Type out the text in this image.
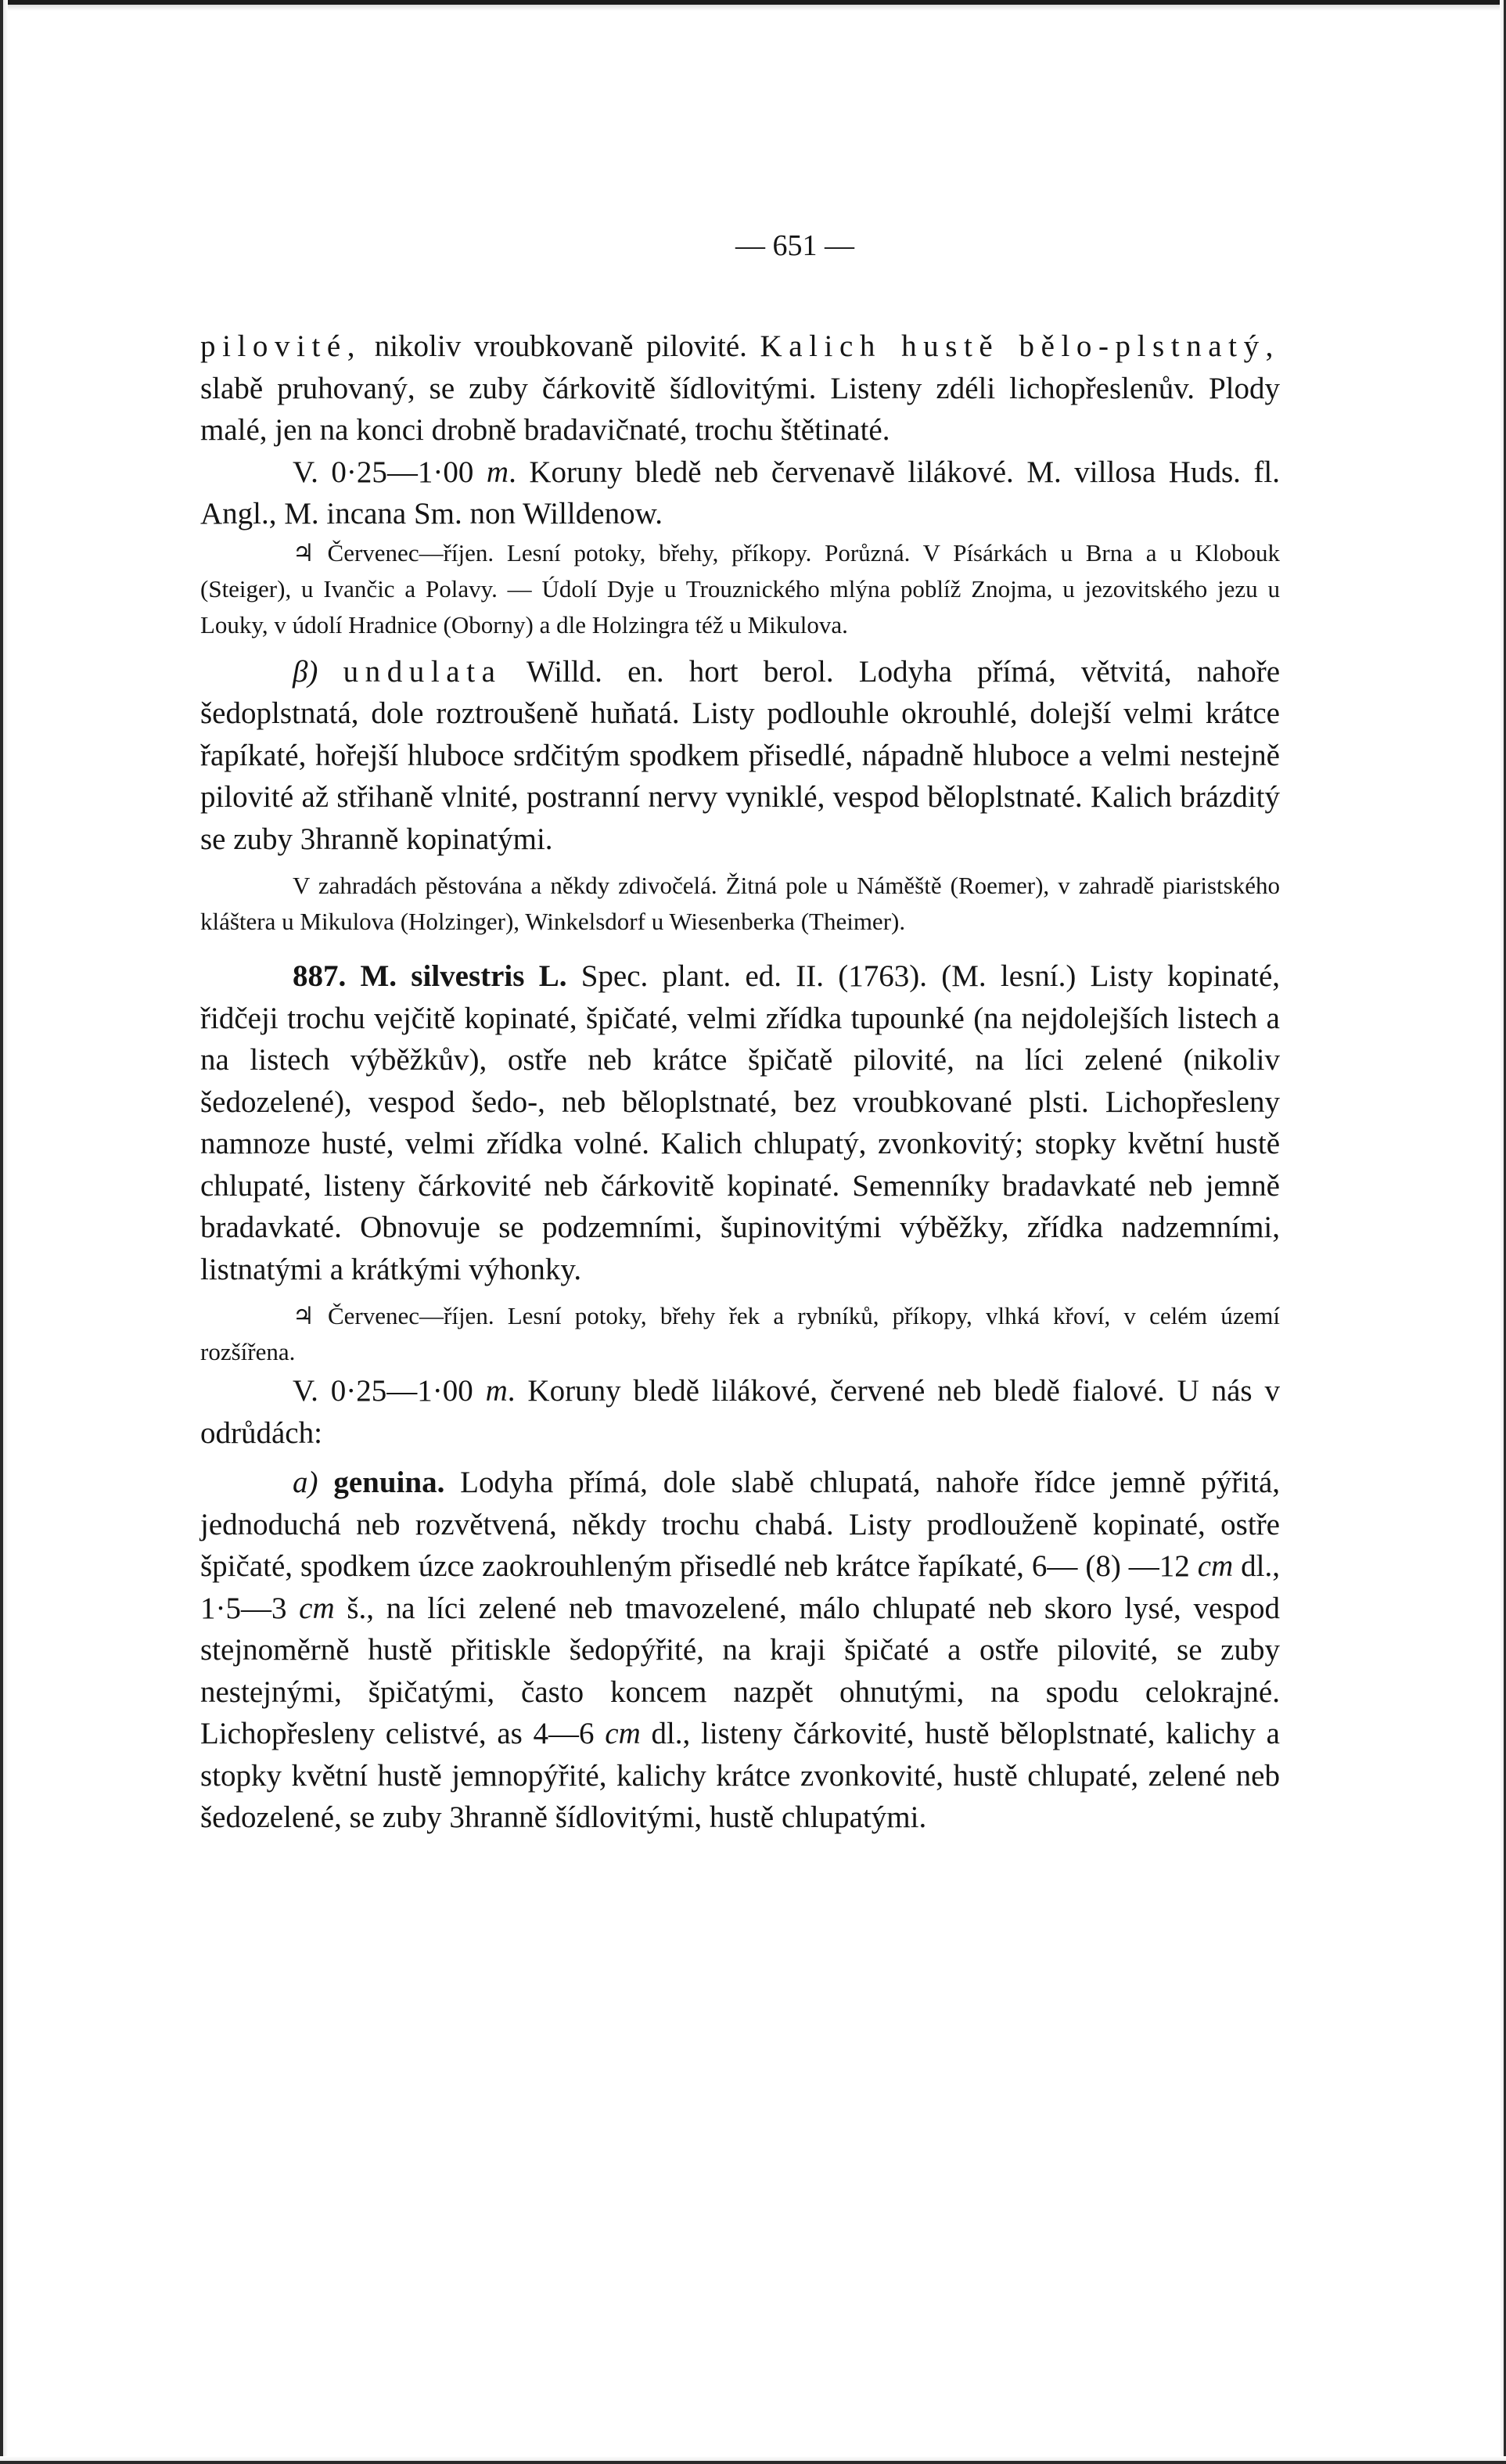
— 651 —

pilovité, nikoliv vroubkovaně pilovité. Kalich hustě bělo-plstnatý, slabě pruhovaný, se zuby čárkovitě šídlovitými. Listeny zdéli lichopřeslenův. Plody malé, jen na konci drobně bradavičnaté, trochu štětinaté.

V. 0·25—1·00 m. Koruny bledě neb červenavě lilákové. M. villosa Huds. fl. Angl., M. incana Sm. non Willdenow.

♃ Červenec—říjen. Lesní potoky, břehy, příkopy. Porůzná. V Písárkách u Brna a u Klobouk (Steiger), u Ivančic a Polavy. — Údolí Dyje u Trouznického mlýna poblíž Znojma, u jezovitského jezu u Louky, v údolí Hradnice (Oborny) a dle Holzingra též u Mikulova.

β) undulata Willd. en. hort berol. Lodyha přímá, větvitá, nahoře šedoplstnatá, dole roztroušeně huňatá. Listy podlouhle okrouhlé, dolejší velmi krátce řapíkaté, hořejší hluboce srdčitým spodkem přisedlé, nápadně hluboce a velmi nestejně pilovité až střihaně vlnité, postranní nervy vyniklé, vespod běloplstnaté. Kalich brázditý se zuby 3hranně kopinatými.

V zahradách pěstována a někdy zdivočelá. Žitná pole u Náměště (Roemer), v zahradě piaristského kláštera u Mikulova (Holzinger), Winkelsdorf u Wiesenberka (Theimer).

887. M. silvestris L. Spec. plant. ed. II. (1763). (M. lesní.) Listy kopinaté, řidčeji trochu vejčitě kopinaté, špičaté, velmi zřídka tupounké (na nejdolejších listech a na listech výběžkův), ostře neb krátce špičatě pilovité, na líci zelené (nikoliv šedozelené), vespod šedo-, neb běloplstnaté, bez vroubkované plsti. Lichopřesleny namnoze husté, velmi zřídka volné. Kalich chlupatý, zvonkovitý; stopky květní hustě chlupaté, listeny čárkovité neb čárkovitě kopinaté. Semenníky bradavkaté neb jemně bradavkaté. Obnovuje se podzemními, šupinovitými výběžky, zřídka nadzemními, listnatými a krátkými výhonky.

♃ Červenec—říjen. Lesní potoky, břehy řek a rybníků, příkopy, vlhká křoví, v celém území rozšířena.

V. 0·25—1·00 m. Koruny bledě lilákové, červené neb bledě fialové. U nás v odrůdách:

a) genuina. Lodyha přímá, dole slabě chlupatá, nahoře řídce jemně pýřitá, jednoduchá neb rozvětvená, někdy trochu chabá. Listy prodlouženě kopinaté, ostře špičaté, spodkem úzce zaokrouhleným přisedlé neb krátce řapíkaté, 6— (8) —12 cm dl., 1·5—3 cm š., na líci zelené neb tmavozelené, málo chlupaté neb skoro lysé, vespod stejnoměrně hustě přitiskle šedopýřité, na kraji špičaté a ostře pilovité, se zuby nestejnými, špičatými, často koncem nazpět ohnutými, na spodu celokrajné. Lichopřesleny celistvé, as 4—6 cm dl., listeny čárkovité, hustě běloplstnaté, kalichy a stopky květní hustě jemnopýřité, kalichy krátce zvonkovité, hustě chlupaté, zelené neb šedozelené, se zuby 3hranně šídlovitými, hustě chlupatými.
